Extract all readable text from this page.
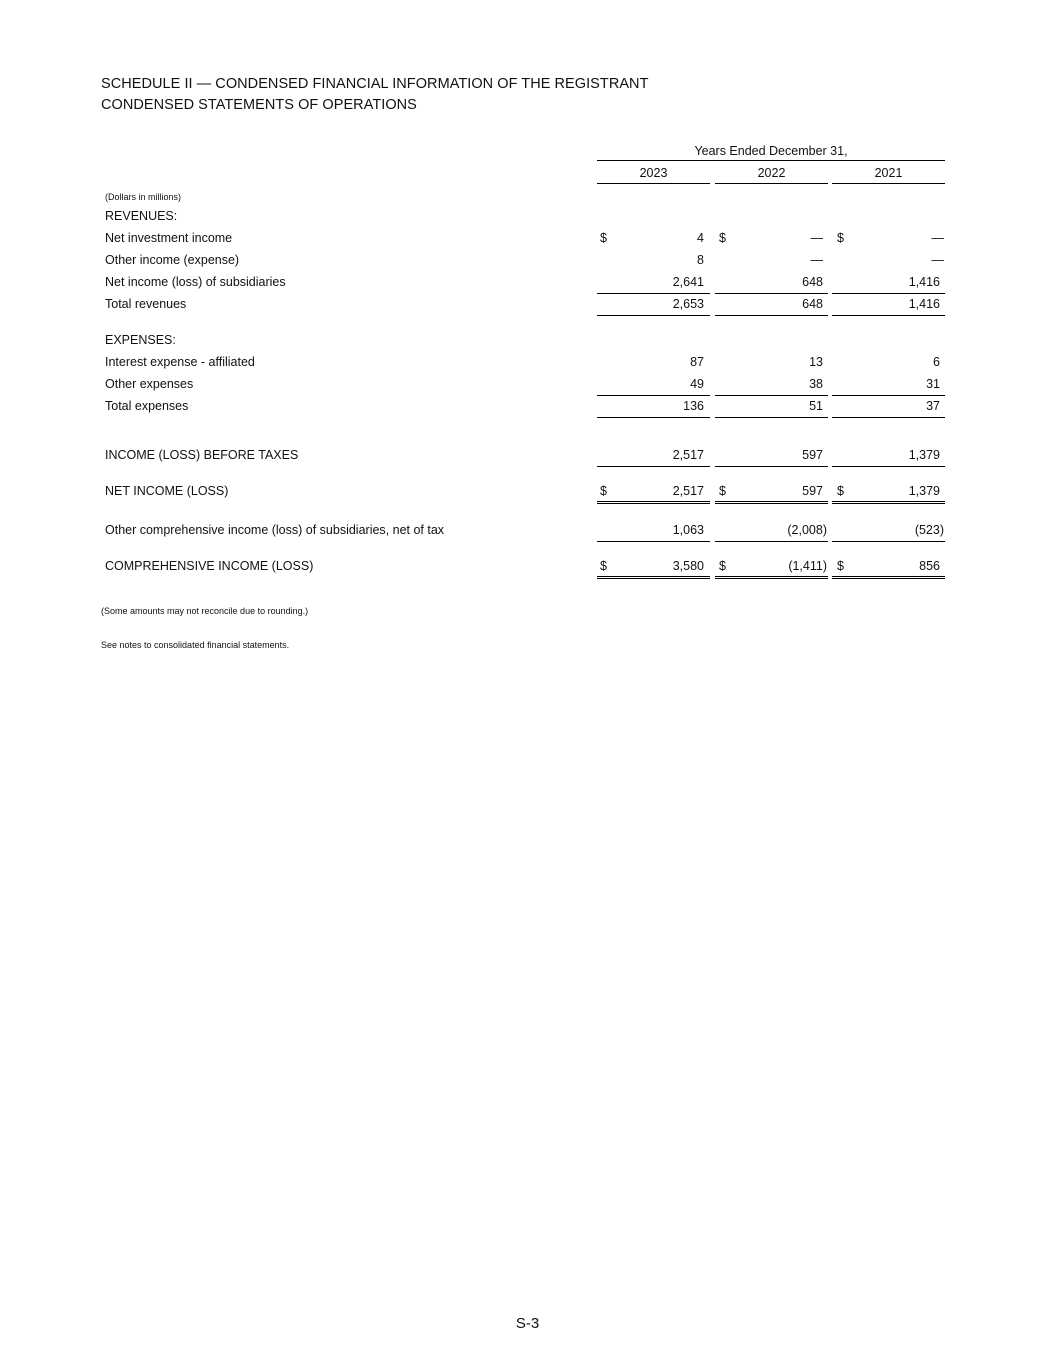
SCHEDULE II — CONDENSED FINANCIAL INFORMATION OF THE REGISTRANT
CONDENSED STATEMENTS OF OPERATIONS
Years Ended December 31,
2023	2022	2021
(Dollars in millions)
REVENUES:
Net investment income	$	4 $	— $	—
Other income (expense)	8	—	—
Net income (loss) of subsidiaries	2,641	648	1,416
Total revenues	2,653	648	1,416
EXPENSES:
Interest expense - affiliated	87	13	6
Other expenses	49	38	31
Total expenses	136	51	37
INCOME (LOSS) BEFORE TAXES	2,517	597	1,379
NET INCOME (LOSS)	$	2,517 $	597 $	1,379
Other comprehensive income (loss) of subsidiaries, net of tax	1,063	(2,008)	(523)
COMPREHENSIVE INCOME (LOSS)	$	3,580 $	(1,411) $	856
(Some amounts may not reconcile due to rounding.)
See notes to consolidated financial statements.
S-3
